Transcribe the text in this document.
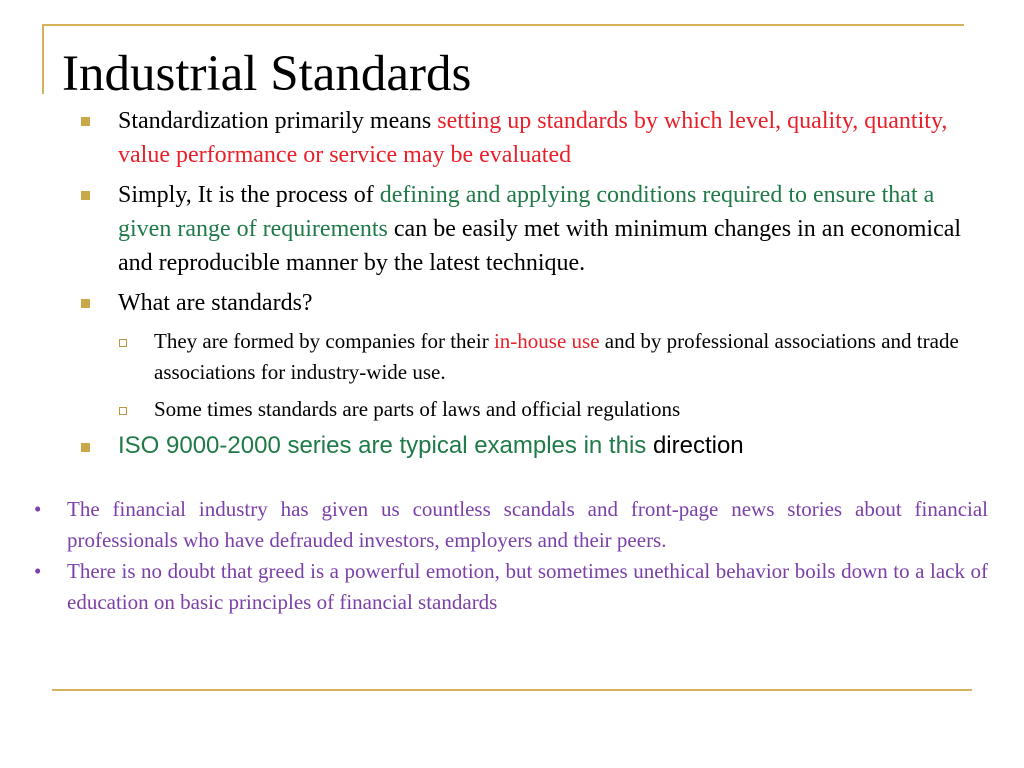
Industrial Standards
Standardization primarily means setting up standards by which level, quality, quantity, value performance or service may be evaluated
Simply, It is the process of defining and applying conditions required to ensure that a given range of requirements can be easily met with minimum changes in an economical and reproducible manner by the latest technique.
What are standards?
They are formed by companies for their in-house use and by professional associations and trade associations for industry-wide use.
Some times standards are parts of laws and official regulations
ISO 9000-2000 series are typical examples in this direction
• The financial industry has given us countless scandals and front-page news stories about financial professionals who have defrauded investors, employers and their peers.
• There is no doubt that greed is a powerful emotion, but sometimes unethical behavior boils down to a lack of education on basic principles of financial standards
